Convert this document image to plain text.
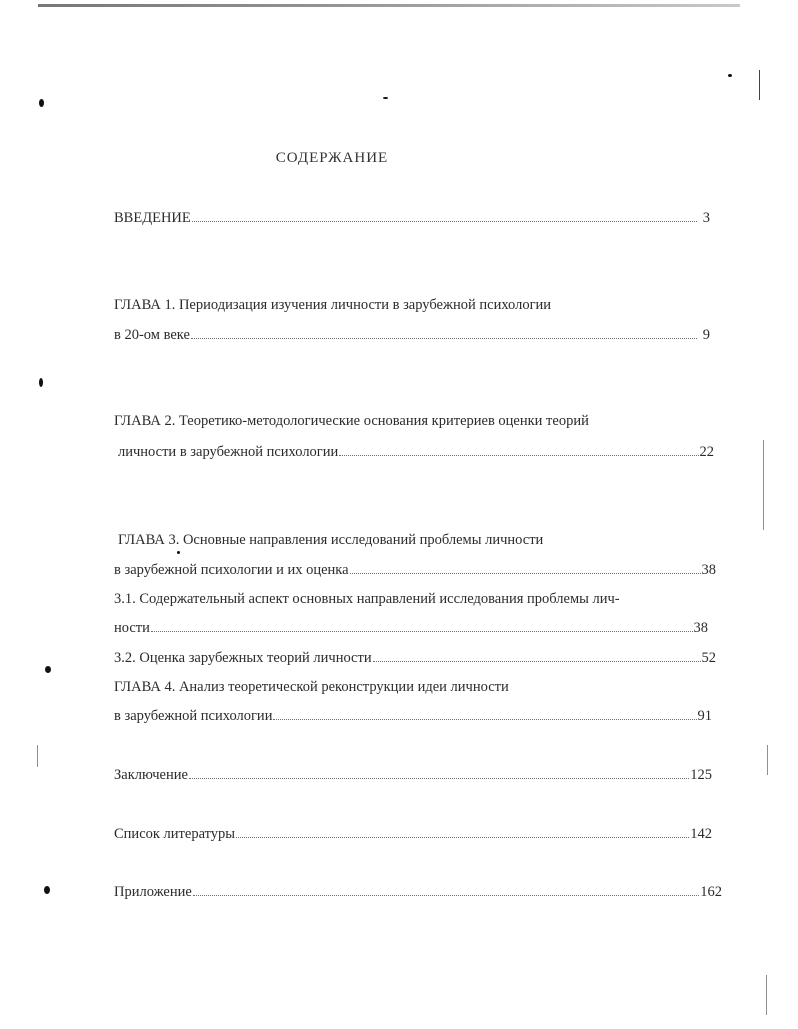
СОДЕРЖАНИЕ
ВВЕДЕНИЕ	3
ГЛАВА 1. Периодизация изучения личности в зарубежной психологии
в 20-ом веке	9
ГЛАВА 2. Теоретико-методологические основания критериев оценки теорий
личности в зарубежной психологии	22
ГЛАВА 3. Основные направления исследований проблемы личности
в зарубежной психологии и их оценка	38
3.1. Содержательный аспект основных направлений исследования проблемы лич-
ности	38
3.2. Оценка зарубежных теорий личности	52
ГЛАВА 4. Анализ теоретической реконструкции идеи личности
в зарубежной психологии	91
Заключение	125
Список литературы	142
Приложение	162
